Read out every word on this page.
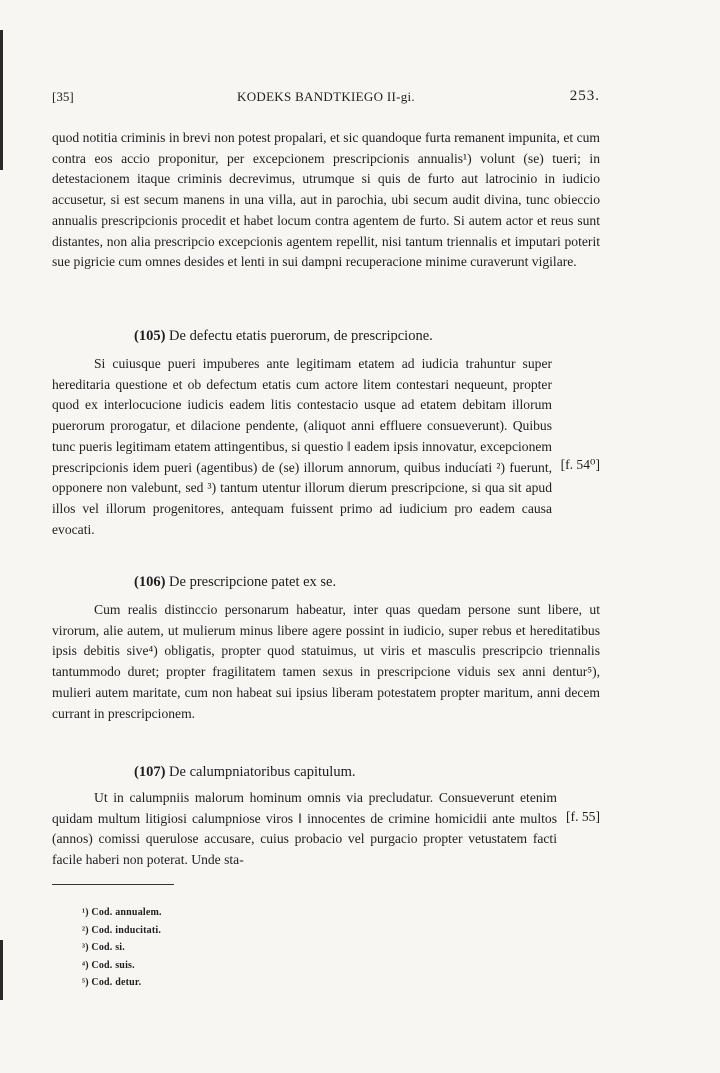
[35]	KODEKS BANDTKIEGO II-gi.	253.

quod notitia criminis in brevi non potest propalari, et sic quandoque furta remanent impunita, et cum contra eos accio proponitur, per excepcionem prescripcionis annualis¹) volunt (se) tueri; in detestacionem itaque criminis decrevimus, utrumque si quis de furto aut latrocinio in iudicio accusetur, si est secum manens in una villa, aut in parochia, ubi secum audit divina, tunc obieccio annualis prescripcionis procedit et habet locum contra agentem de furto. Si autem actor et reus sunt distantes, non alia prescripcio excepcionis agentem repellit, nisi tantum triennalis et imputari poterit sue pigricie cum omnes desides et lenti in sui dampni recuperacione minime curaverunt vigilare.

(105) De defectu etatis puerorum, de prescripcione.

Si cuiusque pueri impuberes ante legitimam etatem ad iudicia trahuntur super hereditaria questione et ob defectum etatis cum actore litem contestari nequeunt, propter quod ex interlocucione iudicis eadem litis contestacio usque ad etatem debitam illorum puerorum prorogatur, et dilacione pendente, (aliquot anni effluere consueverunt). Quibus tunc pueris legitimam etatem attingentibus, si questio ‖ eadem ipsis innovatur, excepcionem prescripcionis idem pueri (agentibus) de (se) illorum annorum, quibus inducíati ²) fuerunt, opponere non valebunt, sed ³) tantum utentur illorum dierum prescripcione, si qua sit apud illos vel illorum progenitores, antequam fuissent primo ad iudicium pro eadem causa evocati.

[f. 54⁰]
(106) De prescripcione patet ex se.

Cum realis distinccio personarum habeatur, inter quas quedam persone sunt libere, ut virorum, alie autem, ut mulierum minus libere agere possint in iudicio, super rebus et hereditatibus ipsis debitis sive⁴) obligatis, propter quod statuimus, ut viris et masculis prescripcio triennalis tantummodo duret; propter fragilitatem tamen sexus in prescripcione viduis sex anni dentur⁵), mulieri autem maritate, cum non habeat sui ipsius liberam potestatem propter maritum, anni decem currant in prescripcionem.

(107) De calumpniatoribus capitulum.

Ut in calumpniis malorum hominum omnis via precludatur. Consueverunt etenim quidam multum litigiosi calumpniose viros ‖ innocentes de crimine homicidii ante multos (annos) comissi querulose accusare, cuius probacio vel purgacio propter vetustatem facti facile haberi non poterat. Unde sta-

[f. 55]
¹) Cod. annualem.
²) Cod. inducitati.
³) Cod. si.
⁴) Cod. suis.
⁵) Cod. detur.
